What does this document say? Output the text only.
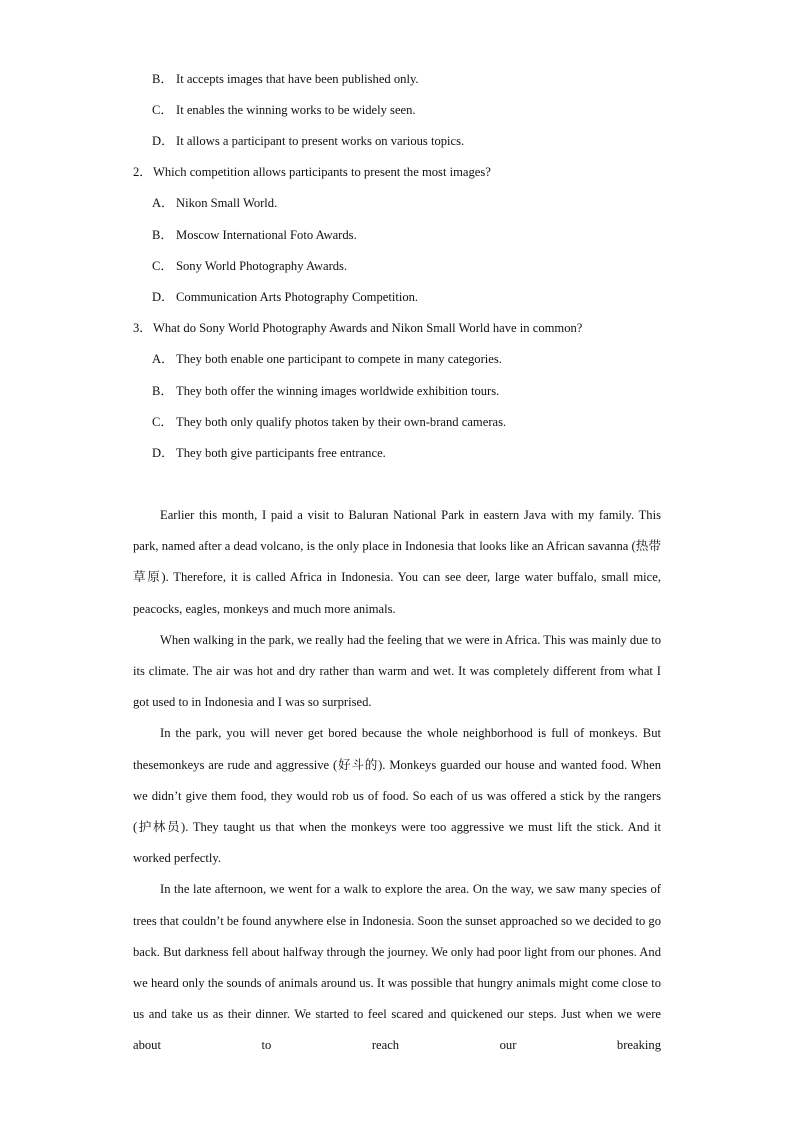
B． It accepts images that have been published only.
C． It enables the winning works to be widely seen.
D． It allows a participant to present works on various topics.
2．Which competition allows participants to present the most images?
A． Nikon Small World.
B． Moscow International Foto Awards.
C． Sony World Photography Awards.
D． Communication Arts Photography Competition.
3．What do Sony World Photography Awards and Nikon Small World have in common?
A． They both enable one participant to compete in many categories.
B． They both offer the winning images worldwide exhibition tours.
C． They both only qualify photos taken by their own-brand cameras.
D． They both give participants free entrance.

Earlier this month, I paid a visit to Baluran National Park in eastern Java with my family. This park, named after a dead volcano, is the only place in Indonesia that looks like an African savanna (热带草原). Therefore, it is called Africa in Indonesia. You can see deer, large water buffalo, small mice, peacocks, eagles, monkeys and much more animals.

When walking in the park, we really had the feeling that we were in Africa. This was mainly due to its climate. The air was hot and dry rather than warm and wet. It was completely different from what I got used to in Indonesia and I was so surprised.

In the park, you will never get bored because the whole neighborhood is full of monkeys. But thesemonkeys are rude and aggressive (好斗的). Monkeys guarded our house and wanted food. When we didn’t give them food, they would rob us of food. So each of us was offered a stick by the rangers (护林员). They taught us that when the monkeys were too aggressive we must lift the stick. And it worked perfectly.

In the late afternoon, we went for a walk to explore the area. On the way, we saw many species of trees that couldn’t be found anywhere else in Indonesia. Soon the sunset approached so we decided to go back. But darkness fell about halfway through the journey. We only had poor light from our phones. And we heard only the sounds of animals around us. It was possible that hungry animals might come close to us and take us as their dinner. We started to feel scared and quickened our steps. Just when we were about to reach our breaking
